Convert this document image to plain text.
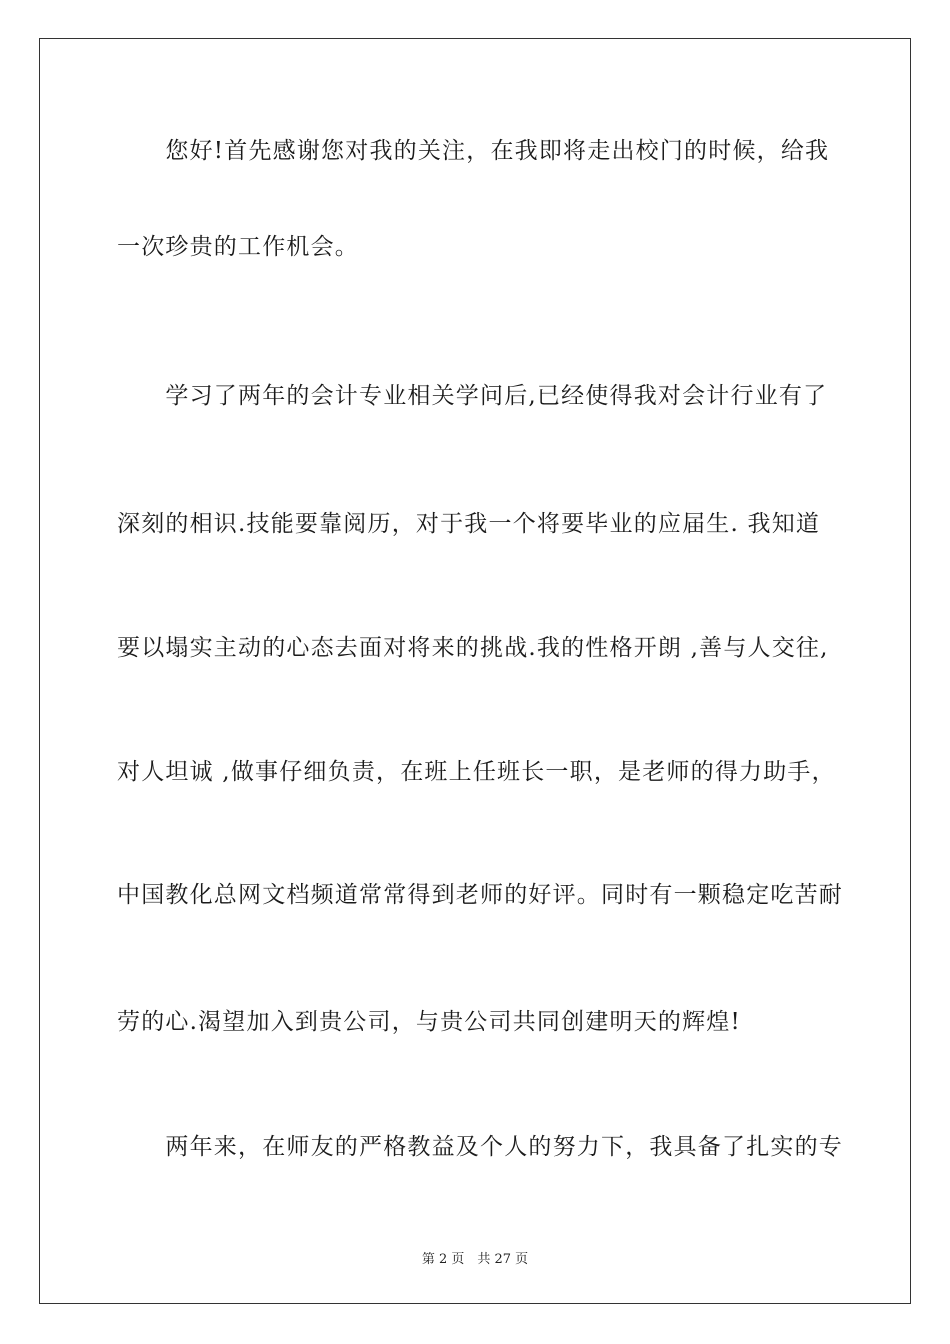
　　您好!首先感谢您对我的关注，在我即将走出校门的时候，给我
一次珍贵的工作机会。
　　学习了两年的会计专业相关学问后,已经使得我对会计行业有了
深刻的相识.技能要靠阅历，对于我一个将要毕业的应届生. 我知道
要以塌实主动的心态去面对将来的挑战.我的性格开朗 ,善与人交往,
对人坦诚 ,做事仔细负责，在班上任班长一职，是老师的得力助手，
中国教化总网文档频道常常得到老师的好评。同时有一颗稳定吃苦耐
劳的心.渴望加入到贵公司，与贵公司共同创建明天的辉煌!
　　两年来，在师友的严格教益及个人的努力下，我具备了扎实的专
第 2 页　共 27 页
